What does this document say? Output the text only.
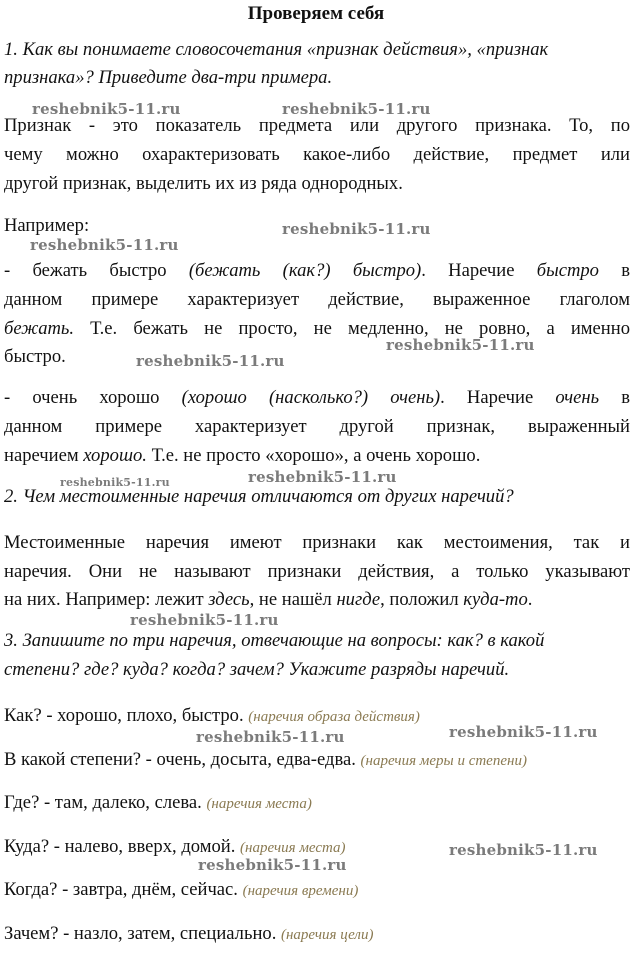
Проверяем себя

1. Как вы понимаете словосочетания «признак действия», «признак

признака»? Приведите два-три примера.

Признак - это показатель предмета или другого признака. То, по

чему можно охарактеризовать какое-либо действие, предмет или

другой признак, выделить их из ряда однородных.

Например:

- бежать быстро (бежать (как?) быстро). Наречие быстро в

данном примере характеризует действие, выраженное глаголом

бежать. Т.е. бежать не просто, не медленно, не ровно, а именно

быстро.

- очень хорошо (хорошо (насколько?) очень). Наречие очень в

данном примере характеризует другой признак, выраженный

наречием хорошо. Т.е. не просто «хорошо», а очень хорошо.

2. Чем местоименные наречия отличаются от других наречий?

Местоименные наречия имеют признаки как местоимения, так и

наречия. Они не называют признаки действия, а только указывают

на них. Например: лежит здесь, не нашёл нигде, положил куда-то.

3. Запишите по три наречия, отвечающие на вопросы: как? в какой

степени? где? куда? когда? зачем? Укажите разряды наречий.

Как? - хорошо, плохо, быстро. (наречия образа действия)

В какой степени? - очень, досыта, едва-едва. (наречия меры и степени)

Где? - там, далеко, слева. (наречия места)

Куда? - налево, вверх, домой. (наречия места)

Когда? - завтра, днём, сейчас. (наречия времени)

Зачем? - назло, затем, специально. (наречия цели)

reshebnik5-11.ru	reshebnik5-11.ru
reshebnik5-11.ru
reshebnik5-11.ru
reshebnik5-11.ru
reshebnik5-11.ru
reshebnik5-11.ru
reshebnik5-11.ru
reshebnik5-11.ru
reshebnik5-11.ru
reshebnik5-11.ru
reshebnik5-11.ru
reshebnik5-11.ru
